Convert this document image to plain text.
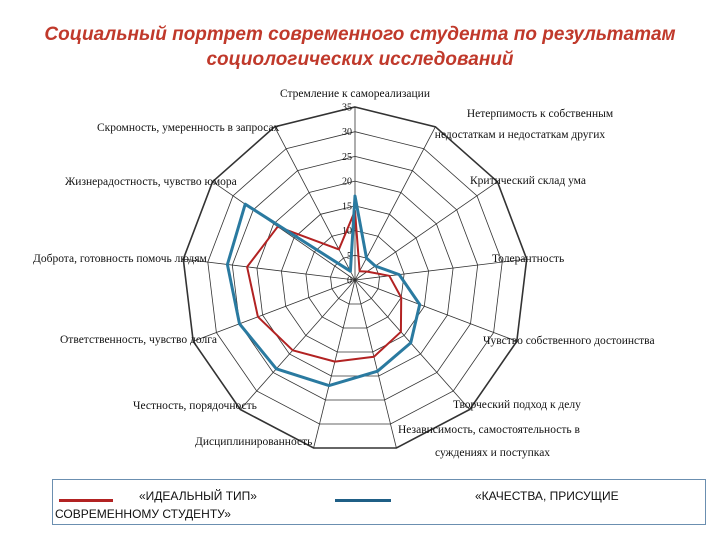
Социальный портрет современного студента по результатам
социологических исследований
0
5
10
15
20
25
30
35
Стремление к самореализации
Нетерпимость к собственным недостаткам и недостаткам других
Критический склад ума
Толерантность
Чувство собственного достоинства
Творческий подход к делу
Независимость, самостоятельность в суждениях и поступках
Дисциплинированность
Честность, порядочность
Ответственность, чувство долга
Доброта, готовность помочь людям
Жизнерадостность, чувство юмора
Скромность, умеренность в запросах
«ИДЕАЛЬНЫЙ ТИП»	«КАЧЕСТВА, ПРИСУЩИЕ
СОВРЕМЕННОМУ СТУДЕНТУ»
